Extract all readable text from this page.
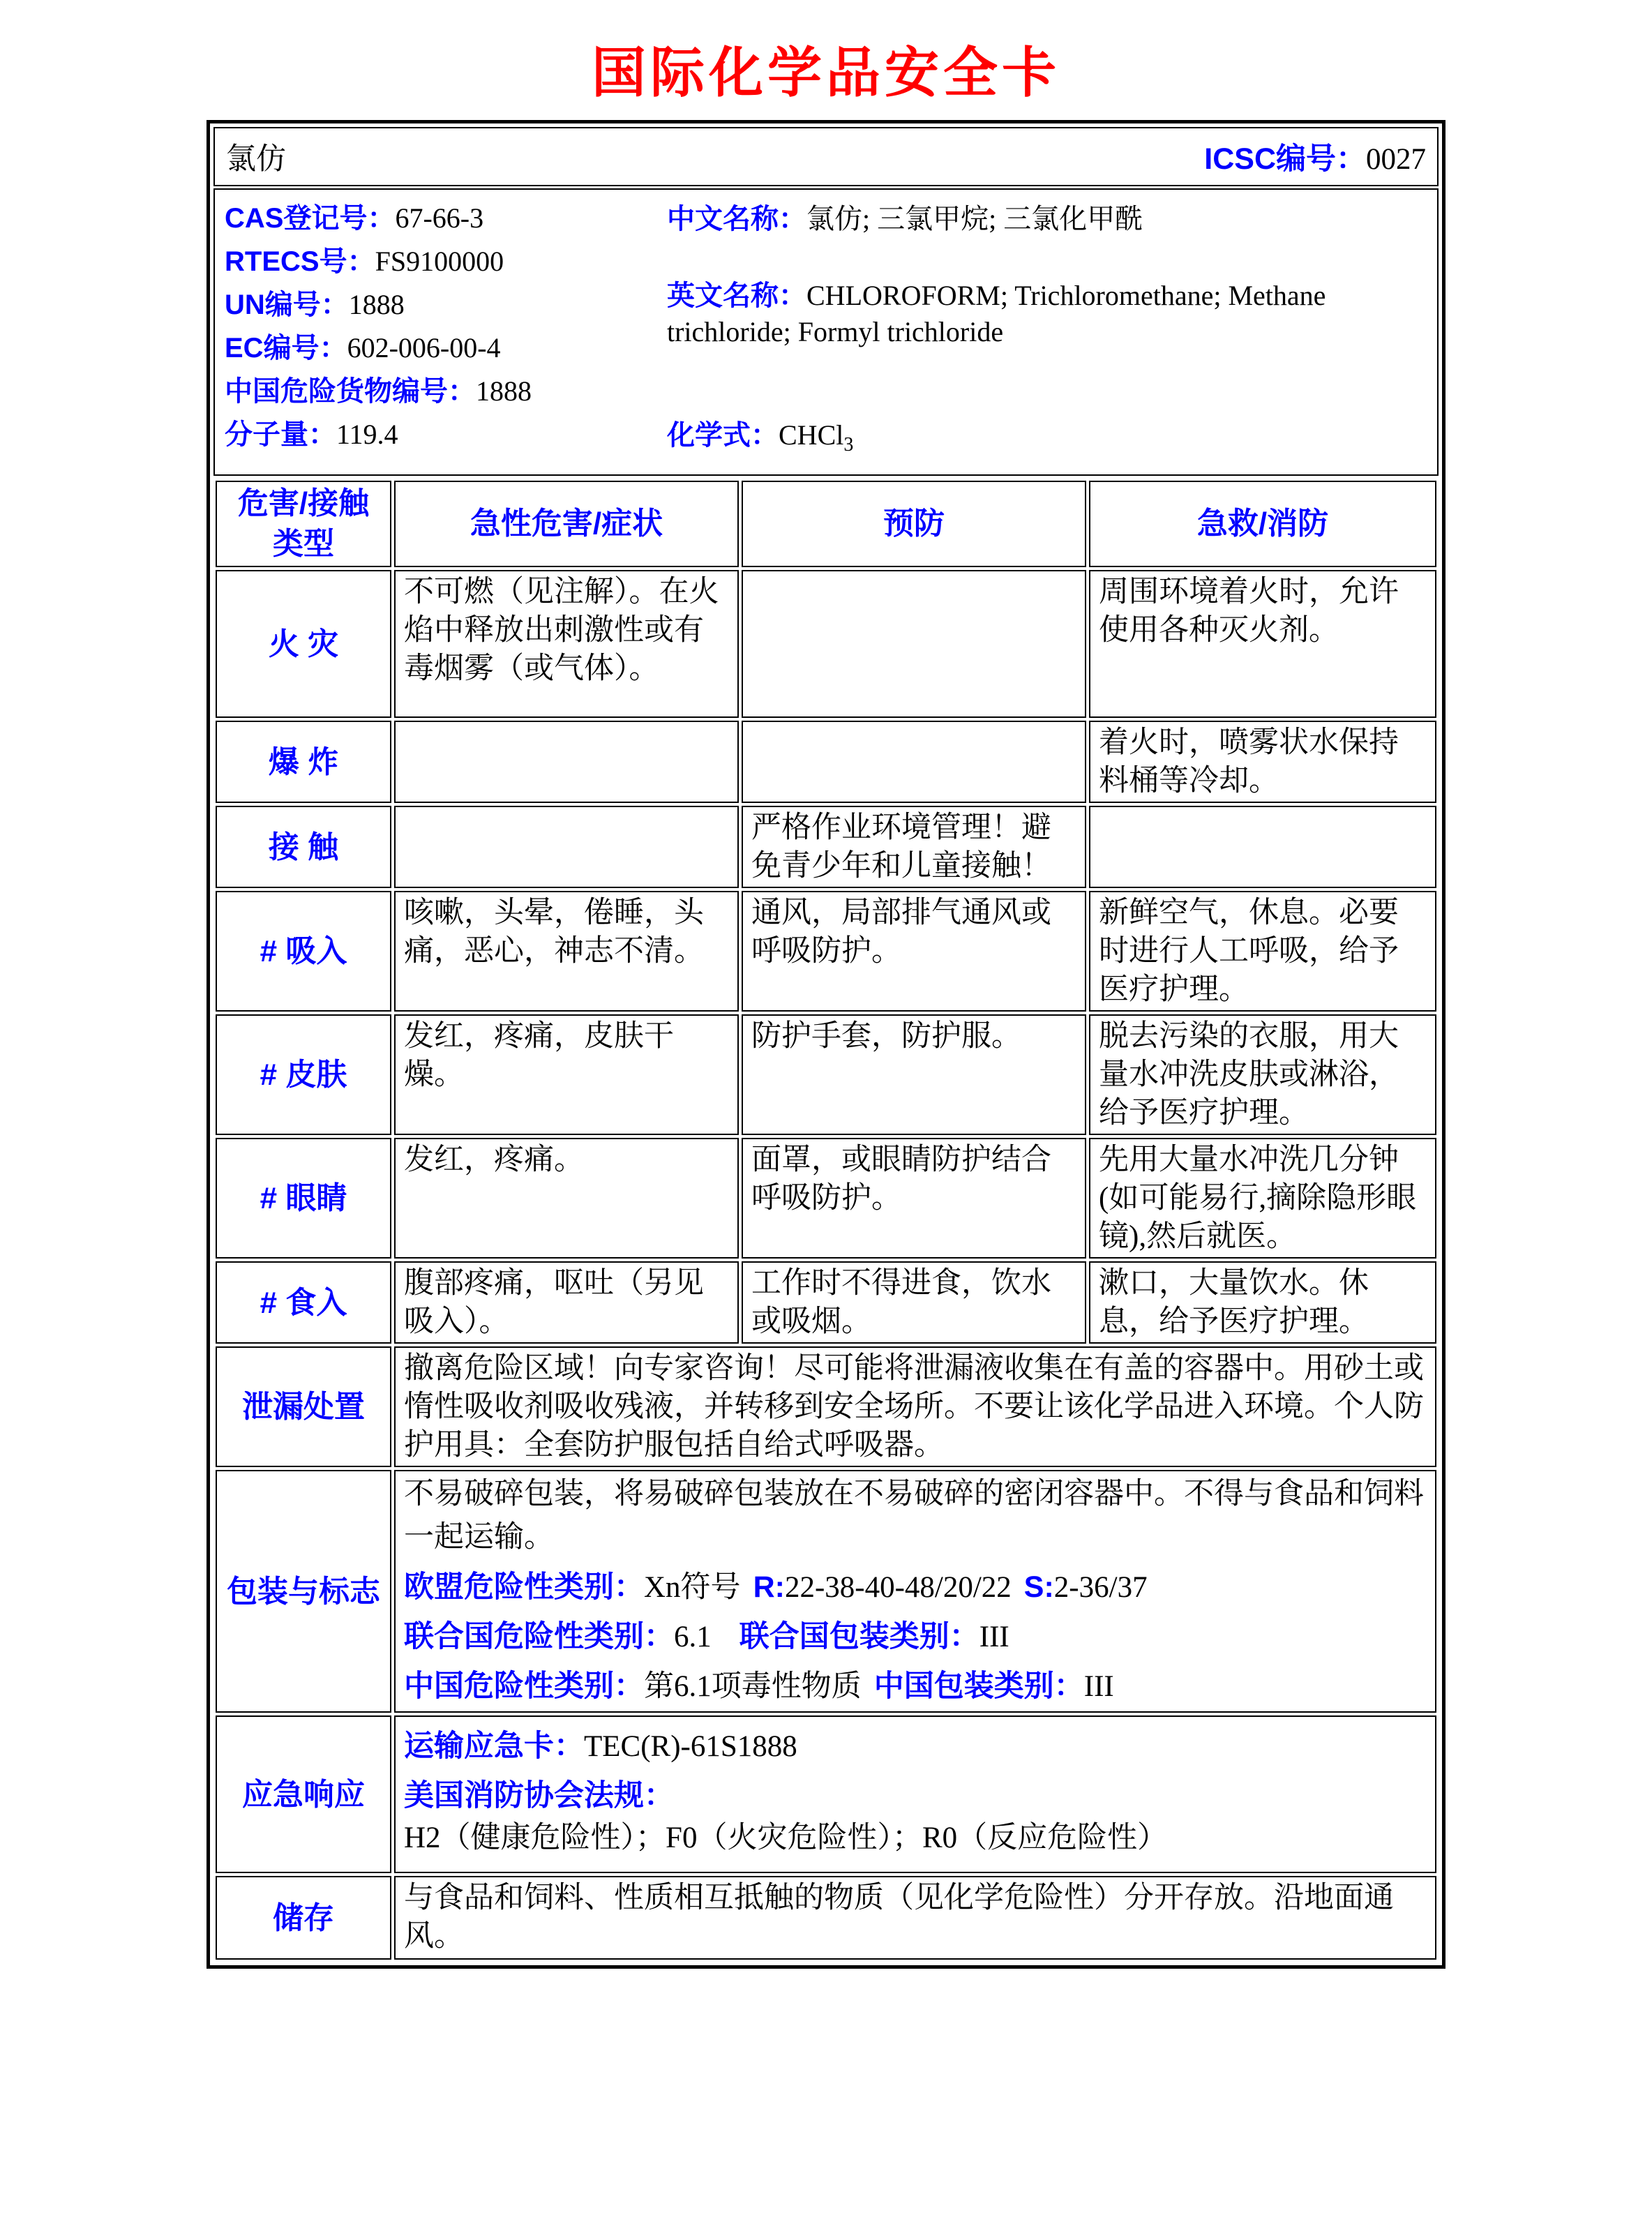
国际化学品安全卡
氯仿	ICSC编号：0027
CAS登记号：67-66-3
RTECS号：FS9100000
UN编号：1888
EC编号：602-006-00-4
中国危险货物编号：1888
分子量：119.4
中文名称：氯仿; 三氯甲烷; 三氯化甲酰
英文名称：CHLOROFORM; Trichloromethane; Methane trichloride; Formyl trichloride
化学式：CHCl$_3$
危害/接触 类型	急性危害/症状	预防	急救/消防
火 灾	不可燃（见注解）。在火焰中释放出刺激性或有毒烟雾（或气体）。		周围环境着火时，允许使用各种灭火剂。
爆 炸			着火时，喷雾状水保持料桶等冷却。
接 触		严格作业环境管理！避免青少年和儿童接触！	
# 吸入	咳嗽，头晕，倦睡，头痛，恶心，神志不清。	通风，局部排气通风或呼吸防护。	新鲜空气，休息。必要时进行人工呼吸，给予医疗护理。
# 皮肤	发红，疼痛，皮肤干燥。	防护手套，防护服。	脱去污染的衣服，用大量水冲洗皮肤或淋浴，给予医疗护理。
# 眼睛	发红，疼痛。	面罩，或眼睛防护结合呼吸防护。	先用大量水冲洗几分钟(如可能易行,摘除隐形眼镜),然后就医。
# 食入	腹部疼痛，呕吐（另见吸入）。	工作时不得进食，饮水或吸烟。	漱口，大量饮水。休息，给予医疗护理。
泄漏处置	撤离危险区域！向专家咨询！尽可能将泄漏液收集在有盖的容器中。用砂土或惰性吸收剂吸收残液，并转移到安全场所。不要让该化学品进入环境。个人防护用具：全套防护服包括自给式呼吸器。		
包装与标志	不易破碎包装，将易破碎包装放在不易破碎的密闭容器中。不得与食品和饲料一起运输。
欧盟危险性类别：Xn符号 R:22-38-40-48/20/22 S:2-36/37
联合国危险性类别：6.1 联合国包装类别：III
中国危险性类别：第6.1项毒性物质 中国包装类别：III		

应急响应	运输应急卡：TEC(R)-61S1888
美国消防协会法规：H2（健康危险性）；F0（火灾危险性）；R0（反应危险性）		

储存	与食品和饲料、性质相互抵触的物质（见化学危险性）分开存放。沿地面通风。		
